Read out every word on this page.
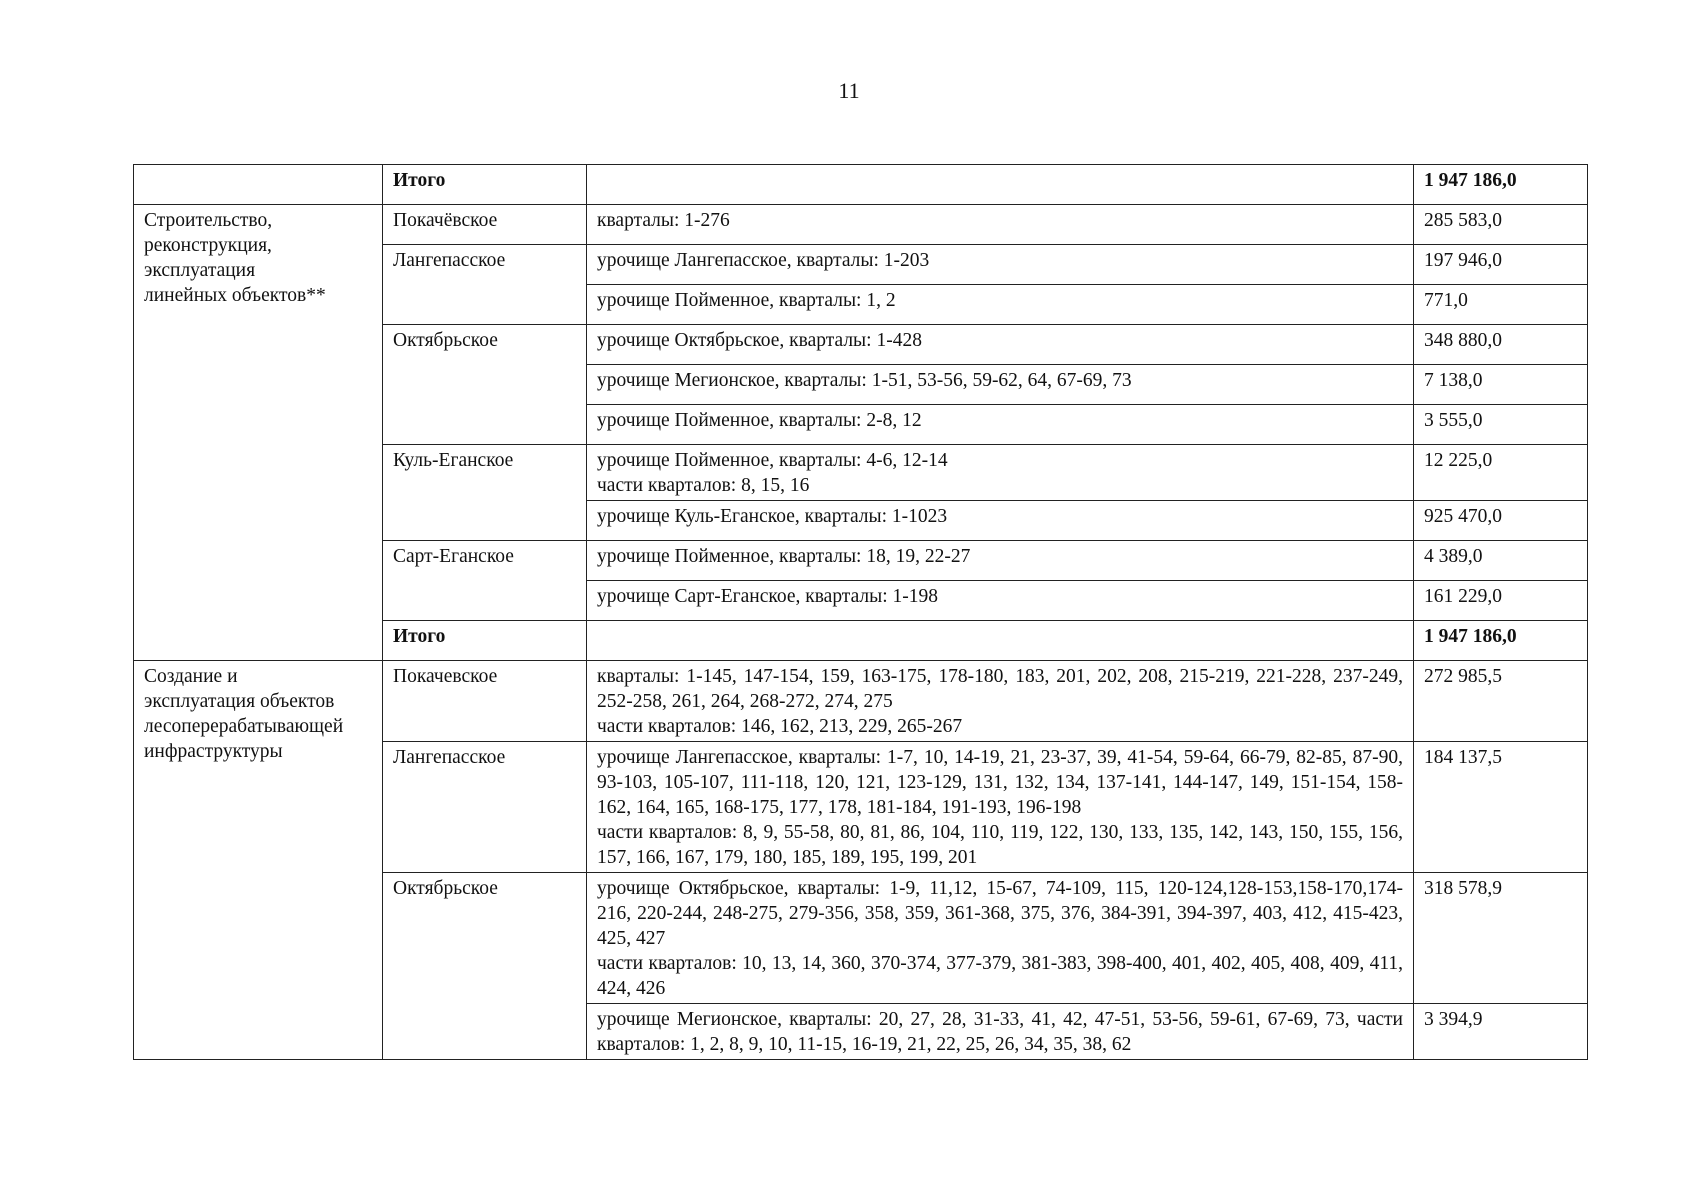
11
	Итого		1 947 186,0

Строительство,
реконструкция,
эксплуатация
линейных объектов**	Покачёвское	кварталы: 1-276	285 583,0
	Лангепасское	урочище Лангепасское, кварталы: 1-203	197 946,0

		урочище Пойменное, кварталы: 1, 2	771,0
	Октябрьское	урочище Октябрьское, кварталы: 1-428	348 880,0

		урочище Мегионское, кварталы: 1-51, 53-56, 59-62, 64, 67-69, 73	7 138,0

		урочище Пойменное, кварталы: 2-8, 12	3 555,0
	Куль-Еганское	урочище Пойменное, кварталы: 4-6, 12-14
части кварталов: 8, 15, 16	12 225,0

		урочище Куль-Еганское, кварталы: 1-1023	925 470,0
	Сарт-Еганское	урочище Пойменное, кварталы: 18, 19, 22-27	4 389,0

		урочище Сарт-Еганское, кварталы: 1-198	161 229,0
	Итого		1 947 186,0

Создание и
эксплуатация объектов
лесоперерабатывающей
инфраструктуры	Покачевское	кварталы: 1-145, 147-154, 159, 163-175, 178-180, 183, 201, 202, 208, 215-219, 221-228, 237-249, 252-258, 261, 264, 268-272, 274, 275
части кварталов: 146, 162, 213, 229, 265-267	272 985,5
	Лангепасское	урочище Лангепасское, кварталы: 1-7, 10, 14-19, 21, 23-37, 39, 41-54, 59-64, 66-79, 82-85, 87-90, 93-103, 105-107, 111-118, 120, 121, 123-129, 131, 132, 134, 137-141, 144-147, 149, 151-154, 158-162, 164, 165, 168-175, 177, 178, 181-184, 191-193, 196-198
части кварталов: 8, 9, 55-58, 80, 81, 86, 104, 110, 119, 122, 130, 133, 135, 142, 143, 150, 155, 156, 157, 166, 167, 179, 180, 185, 189, 195, 199, 201	184 137,5
	Октябрьское	урочище Октябрьское, кварталы: 1-9, 11,12, 15-67, 74-109, 115, 120-124,128-153,158-170,174-216, 220-244, 248-275, 279-356, 358, 359, 361-368, 375, 376, 384-391, 394-397, 403, 412, 415-423, 425, 427
части кварталов: 10, 13, 14, 360, 370-374, 377-379, 381-383, 398-400, 401, 402, 405, 408, 409, 411, 424, 426	318 578,9

		урочище Мегионское, кварталы: 20, 27, 28, 31-33, 41, 42, 47-51, 53-56, 59-61, 67-69, 73, части кварталов: 1, 2, 8, 9, 10, 11-15, 16-19, 21, 22, 25, 26, 34, 35, 38, 62	3 394,9
